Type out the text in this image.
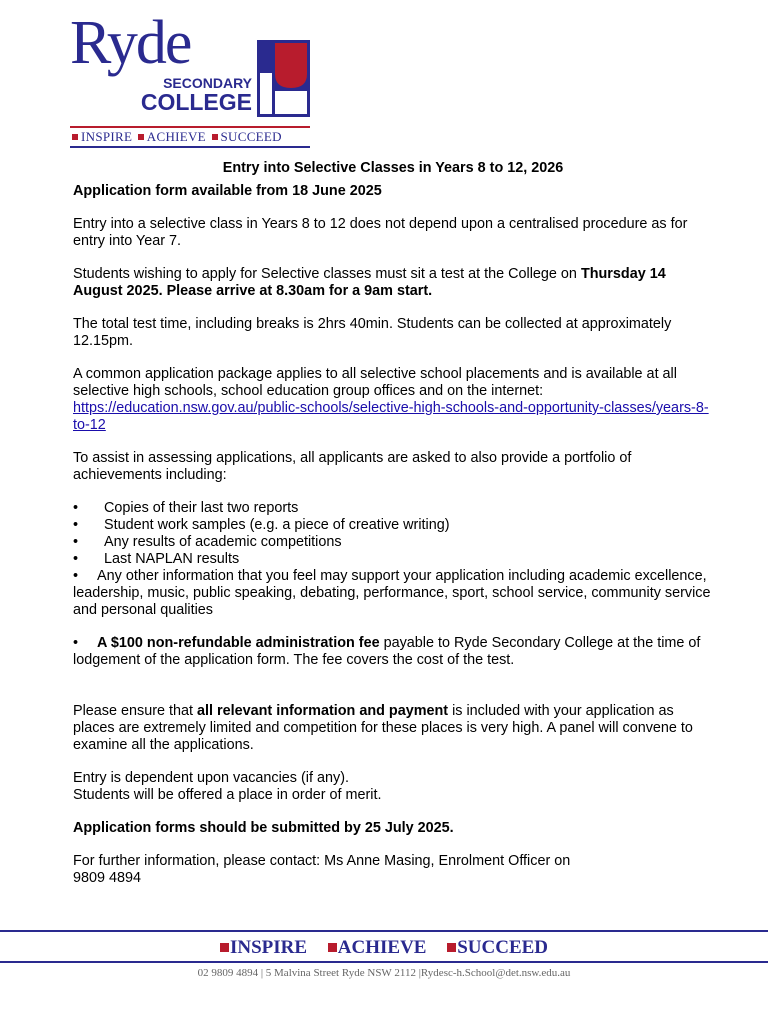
Ryde
SECONDARY
COLLEGE
INSPIRE ACHIEVE SUCCEED

Entry into Selective Classes in Years 8 to 12, 2026

Application form available from 18 June 2025

Entry into a selective class in Years 8 to 12 does not depend upon a centralised procedure as for entry into Year 7.

Students wishing to apply for Selective classes must sit a test at the College on Thursday 14 August 2025. Please arrive at 8.30am for a 9am start.

The total test time, including breaks is 2hrs 40min. Students can be collected at approximately 12.15pm.

A common application package applies to all selective school placements and is available at all selective high schools, school education group offices and on the internet:
https://education.nsw.gov.au/public-schools/selective-high-schools-and-opportunity-classes/years-8-to-12

To assist in assessing applications, all applicants are asked to also provide a portfolio of achievements including:

•	Copies of their last two reports
•	Student work samples (e.g. a piece of creative writing)
•	Any results of academic competitions
•	Last NAPLAN results

• Any other information that you feel may support your application including academic excellence, leadership, music, public speaking, debating, performance, sport, school service, community service and personal qualities

• A $100 non-refundable administration fee payable to Ryde Secondary College at the time of lodgement of the application form. The fee covers the cost of the test.

Please ensure that all relevant information and payment is included with your application as places are extremely limited and competition for these places is very high. A panel will convene to examine all the applications.

Entry is dependent upon vacancies (if any).
Students will be offered a place in order of merit.

Application forms should be submitted by 25 July 2025.

For further information, please contact: Ms Anne Masing, Enrolment Officer on
9809 4894

INSPIRE ACHIEVE SUCCEED
02 9809 4894 | 5 Malvina Street Ryde NSW 2112 |Rydesc-h.School@det.nsw.edu.au
